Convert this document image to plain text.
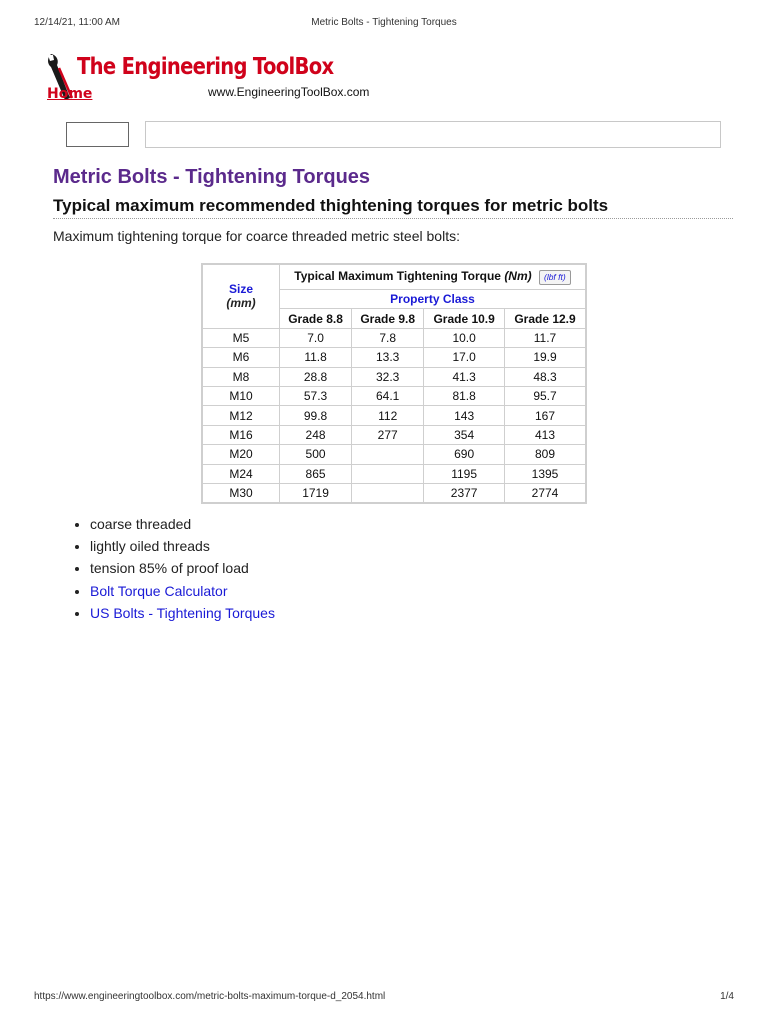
12/14/21, 11:00 AM	Metric Bolts - Tightening Torques
The Engineering ToolBox
Home	www.EngineeringToolBox.com
Metric Bolts - Tightening Torques
Typical maximum recommended thightening torques for metric bolts

Maximum tightening torque for coarce threaded metric steel bolts:

Size
(mm)	Typical Maximum Tightening Torque (Nm) (lbf ft)			
	Property Class			
	Grade 8.8	Grade 9.8	Grade 10.9	Grade 12.9
M5	7.0	7.8	10.0	11.7
M6	11.8	13.3	17.0	19.9
M8	28.8	32.3	41.3	48.3
M10	57.3	64.1	81.8	95.7
M12	99.8	112	143	167
M16	248	277	354	413
M20	500		690	809
M24	865		1195	1395
M30	1719		2377	2774
• coarse threaded
• lightly oiled threads
• tension 85% of proof load
• Bolt Torque Calculator
• US Bolts - Tightening Torques
https://www.engineeringtoolbox.com/metric-bolts-maximum-torque-d_2054.html	1/4
